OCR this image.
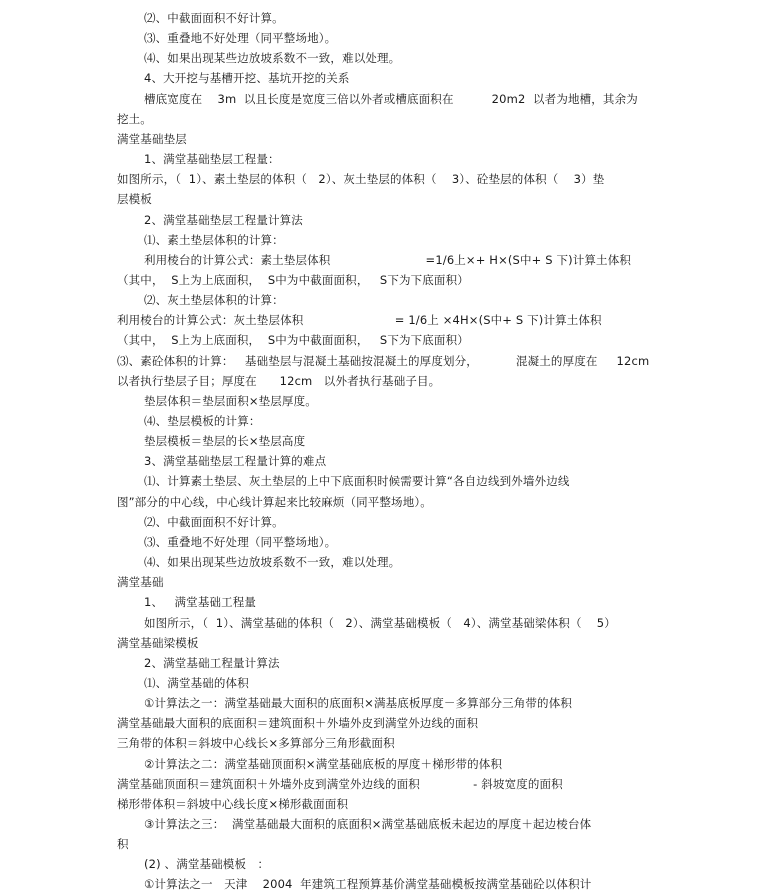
⑵、中截面面积不好计算。
⑶、重叠地不好处理（同平整场地）。
⑷、如果出现某些边放坡系数不一致，难以处理。
4、大开挖与基槽开挖、基坑开挖的关系
槽底宽度在    3m  以且长度是宽度三倍以外者或槽底面积在          20m2  以者为地槽，其余为
挖土。
满堂基础垫层
1、满堂基础垫层工程量：
如图所示，（  1）、素土垫层的体积（   2）、灰土垫层的体积（    3）、砼垫层的体积（    3）垫
层模板
2、满堂基础垫层工程量计算法
⑴、素土垫层体积的计算：
利用棱台的计算公式：素土垫层体积                         =1/6上×+ H×(S中+ S 下)计算土体积
（其中，  S上为上底面积，  S中为中截面面积，   S下为下底面积）
⑵、灰土垫层体积的计算：
利用棱台的计算公式：灰土垫层体积                        = 1/6上 ×4H×(S中+ S 下)计算土体积
（其中，  S上为上底面积，  S中为中截面面积，   S下为下底面积）
⑶、素砼体积的计算：   基础垫层与混凝土基础按混凝土的厚度划分，          混凝土的厚度在     12cm
以者执行垫层子目；厚度在      12cm   以外者执行基础子目。
垫层体积＝垫层面积×垫层厚度。
⑷、垫层模板的计算：
垫层模板＝垫层的长×垫层高度
3、满堂基础垫层工程量计算的难点
⑴、计算素土垫层、灰土垫层的上中下底面积时候需要计算“各自边线到外墙外边线
图”部分的中心线，中心线计算起来比较麻烦（同平整场地）。
⑵、中截面面积不好计算。
⑶、重叠地不好处理（同平整场地）。
⑷、如果出现某些边放坡系数不一致，难以处理。
满堂基础
1、   满堂基础工程量
如图所示，（  1）、满堂基础的体积（   2）、满堂基础模板（   4）、满堂基础梁体积（    5）
满堂基础梁模板
2、满堂基础工程量计算法
⑴、满堂基础的体积
①计算法之一：满堂基础最大面积的底面积×满基底板厚度－多算部分三角带的体积
满堂基础最大面积的底面积＝建筑面积＋外墙外皮到满堂外边线的面积
三角带的体积＝斜坡中心线长×多算部分三角形截面积
②计算法之二：满堂基础顶面积×满堂基础底板的厚度＋梯形带的体积
满堂基础顶面积＝建筑面积＋外墙外皮到满堂外边线的面积              - 斜坡宽度的面积
梯形带体积＝斜坡中心线长度×梯形截面面积
③计算法之三：  满堂基础最大面积的底面积×满堂基础底板未起边的厚度＋起边棱台体
积
(2) 、满堂基础模板   ：
①计算法之一   天津    2004  年建筑工程预算基价满堂基础模板按满堂基础砼以体积计
